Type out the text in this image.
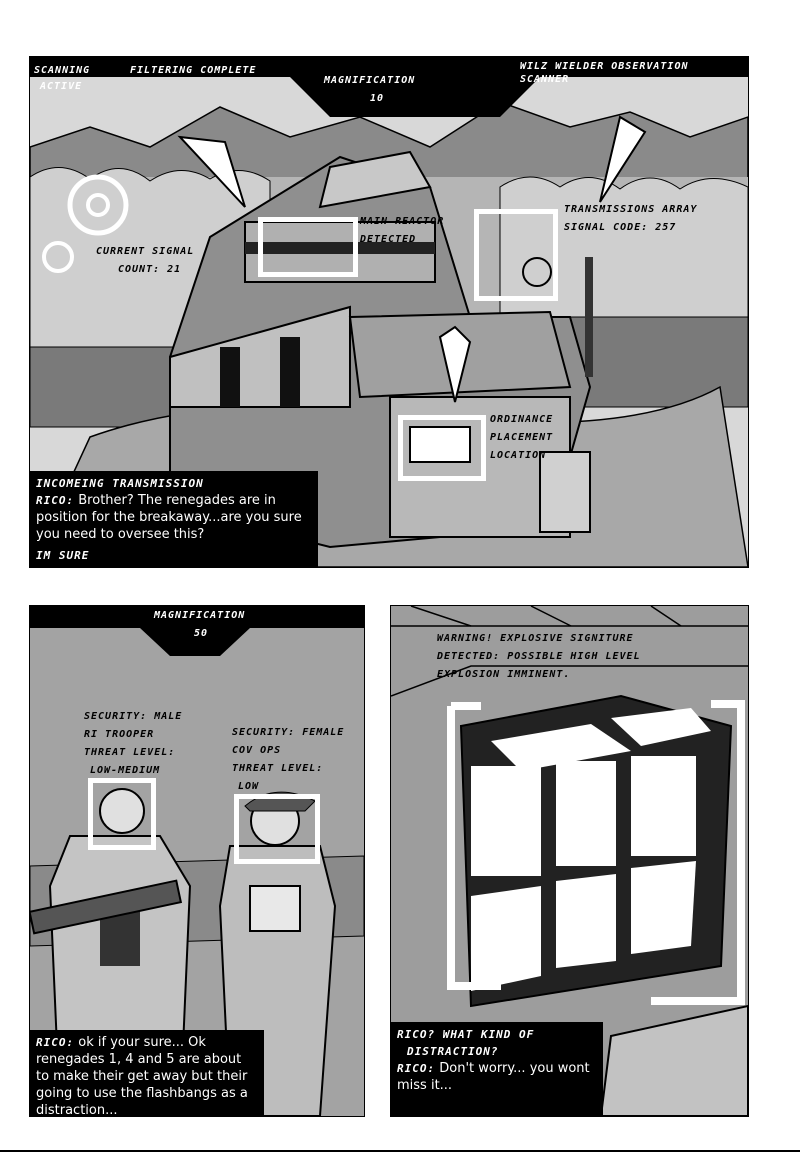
SCANNING
ACTIVE
FILTERING COMPLETE
MAGNIFICATION
10
WILZ WIELDER OBSERVATION
SCANNER
CURRENT SIGNAL
COUNT: 21
MAIN REACTOR
DETECTED
TRANSMISSIONS ARRAY
SIGNAL CODE: 257
ORDINANCE
PLACEMENT
LOCATION
INCOMEING TRANSMISSION
RICO: Brother? The renegades are in position for the breakaway...are you sure you need to oversee this?
IM SURE
MAGNIFICATION
50
SECURITY: MALE
RI TROOPER
THREAT LEVEL:
LOW-MEDIUM
SECURITY: FEMALE
COV OPS
THREAT LEVEL:
LOW
RICO: ok if your sure... Ok renegades 1, 4 and 5 are about to make their get away but their going to use the flashbangs as a distraction...
WARNING! EXPLOSIVE SIGNITURE
DETECTED: POSSIBLE HIGH LEVEL
EXPLOSION IMMINENT.
RICO? WHAT KIND OF
DISTRACTION?
RICO: Don't worry... you wont miss it...
